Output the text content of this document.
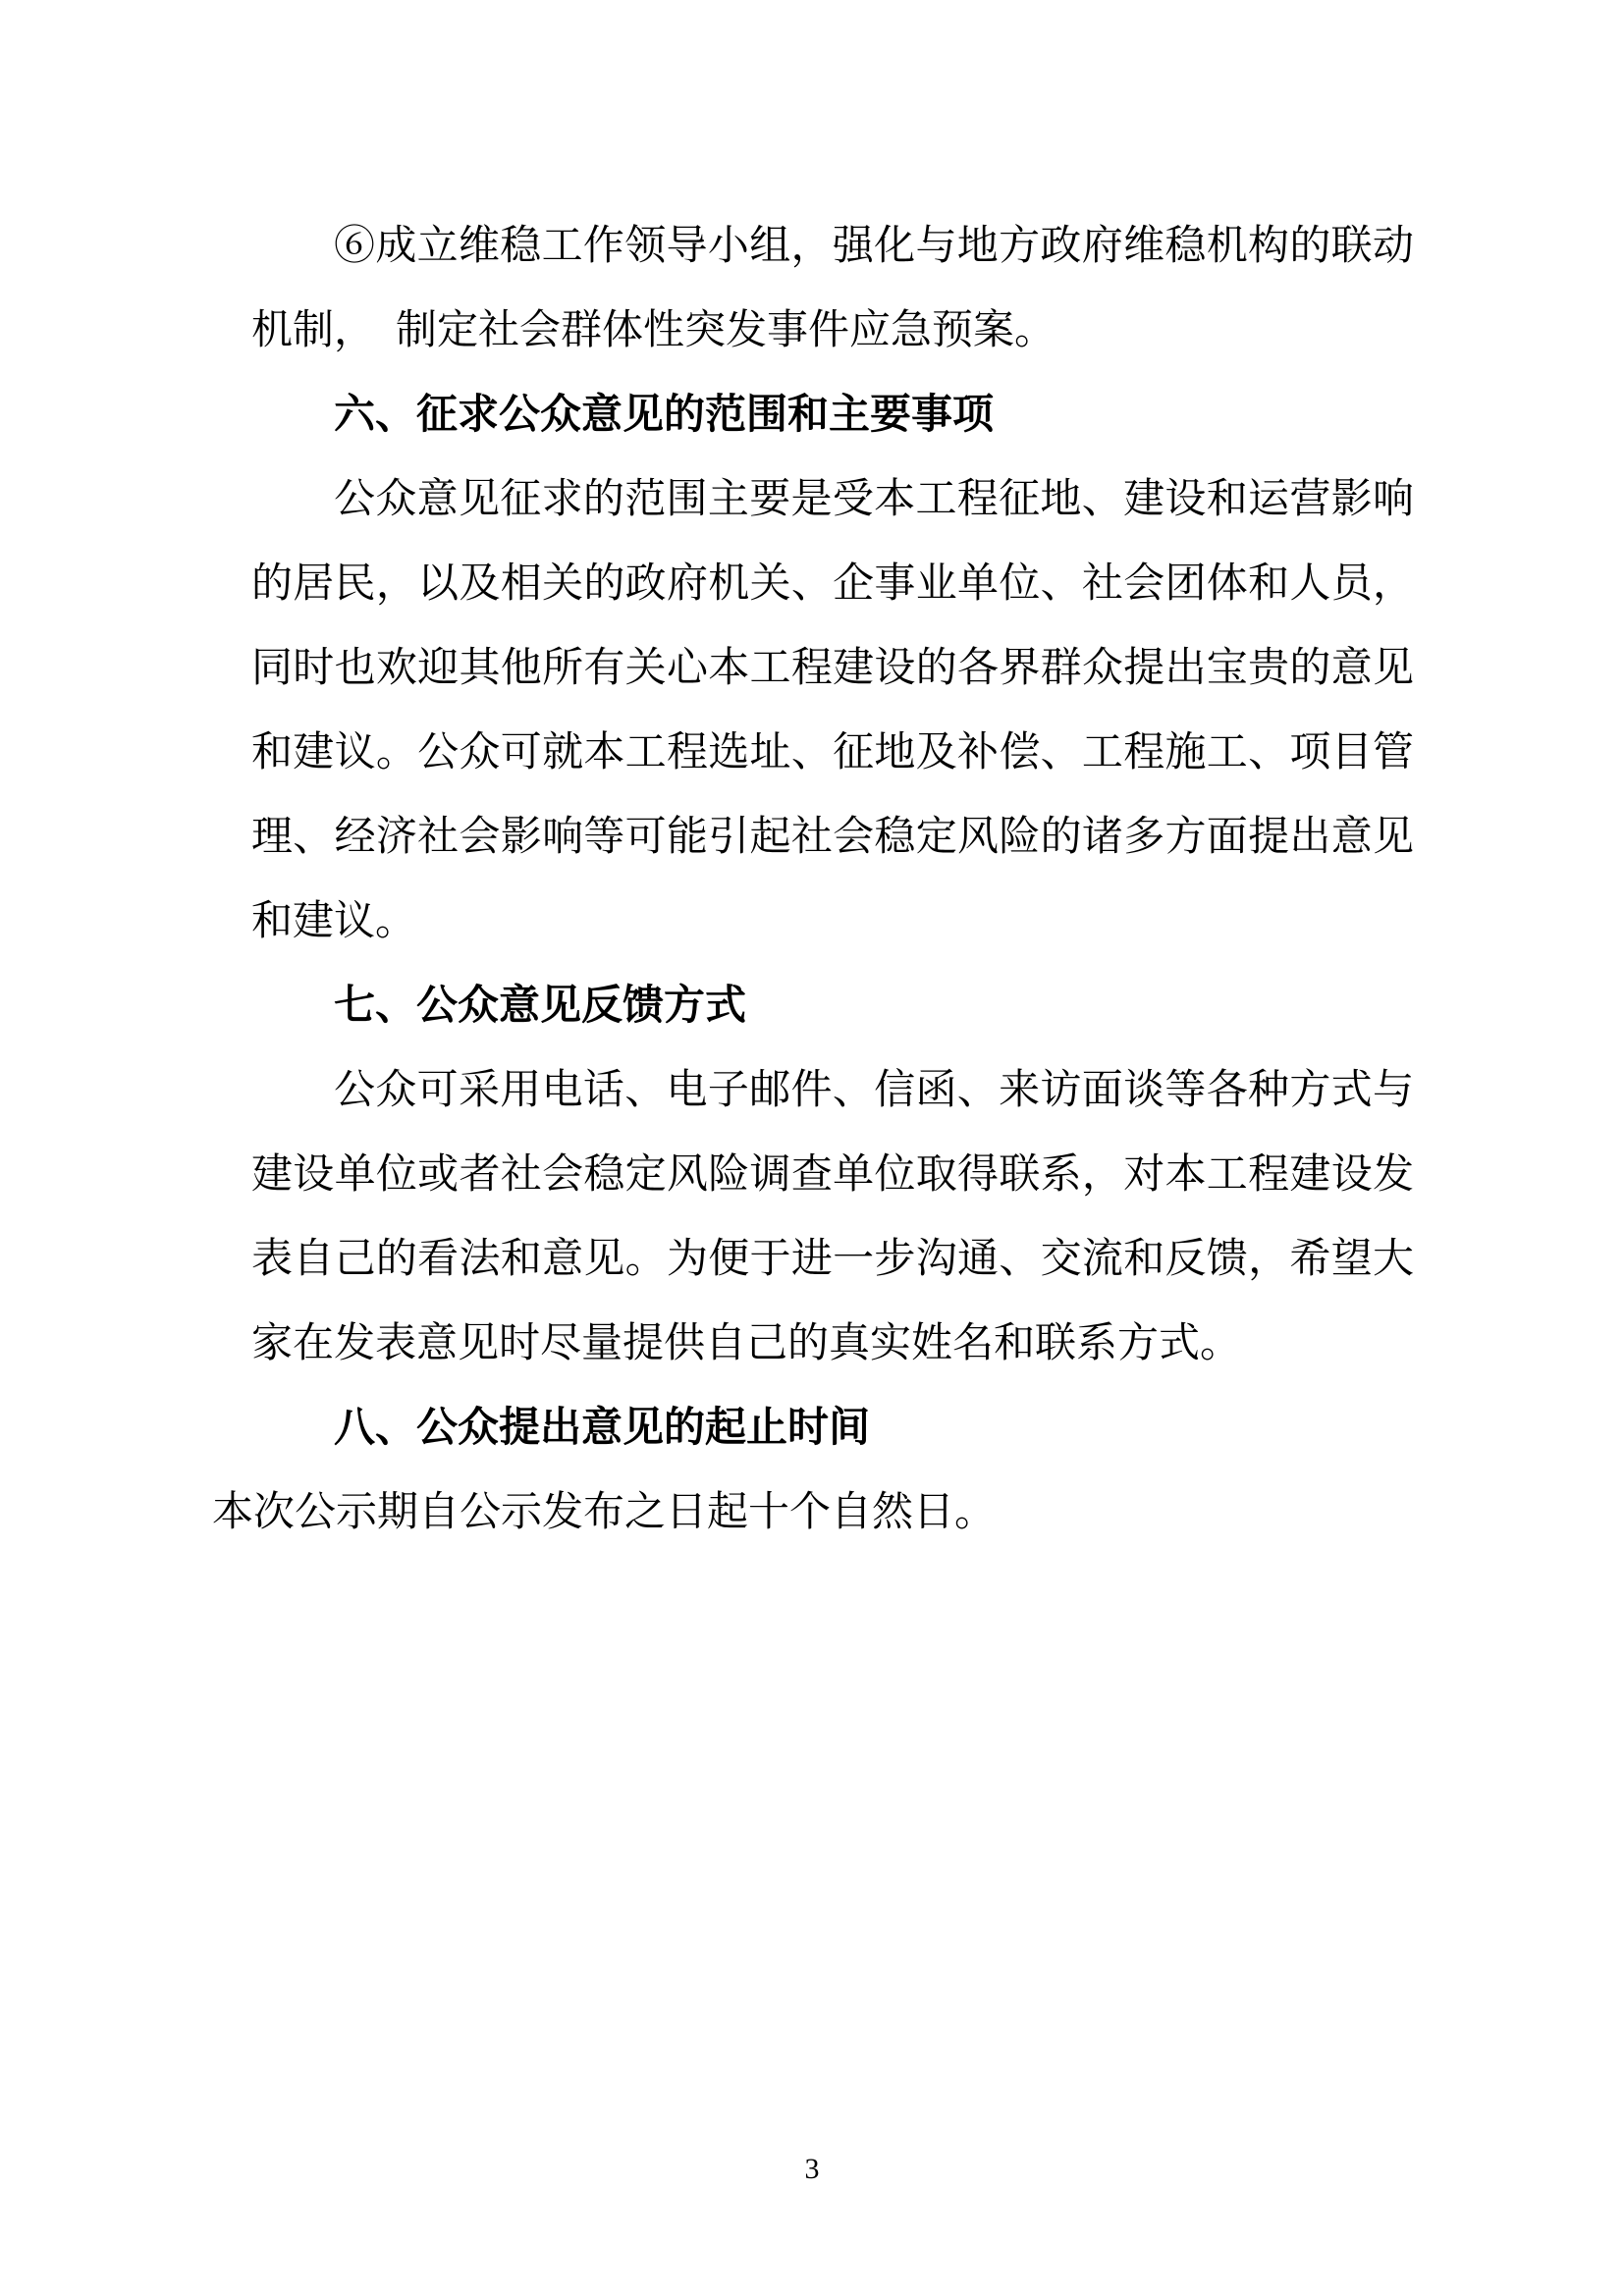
⑥成立维稳工作领导小组，强化与地方政府维稳机构的联动机制，　制定社会群体性突发事件应急预案。

六、征求公众意见的范围和主要事项

公众意见征求的范围主要是受本工程征地、建设和运营影响的居民，以及相关的政府机关、企事业单位、社会团体和人员，同时也欢迎其他所有关心本工程建设的各界群众提出宝贵的意见和建议。公众可就本工程选址、征地及补偿、工程施工、项目管理、经济社会影响等可能引起社会稳定风险的诸多方面提出意见和建议。

七、公众意见反馈方式

公众可采用电话、电子邮件、信函、来访面谈等各种方式与建设单位或者社会稳定风险调查单位取得联系，对本工程建设发表自己的看法和意见。为便于进一步沟通、交流和反馈，希望大家在发表意见时尽量提供自己的真实姓名和联系方式。

八、公众提出意见的起止时间

本次公示期自公示发布之日起十个自然日。

3
